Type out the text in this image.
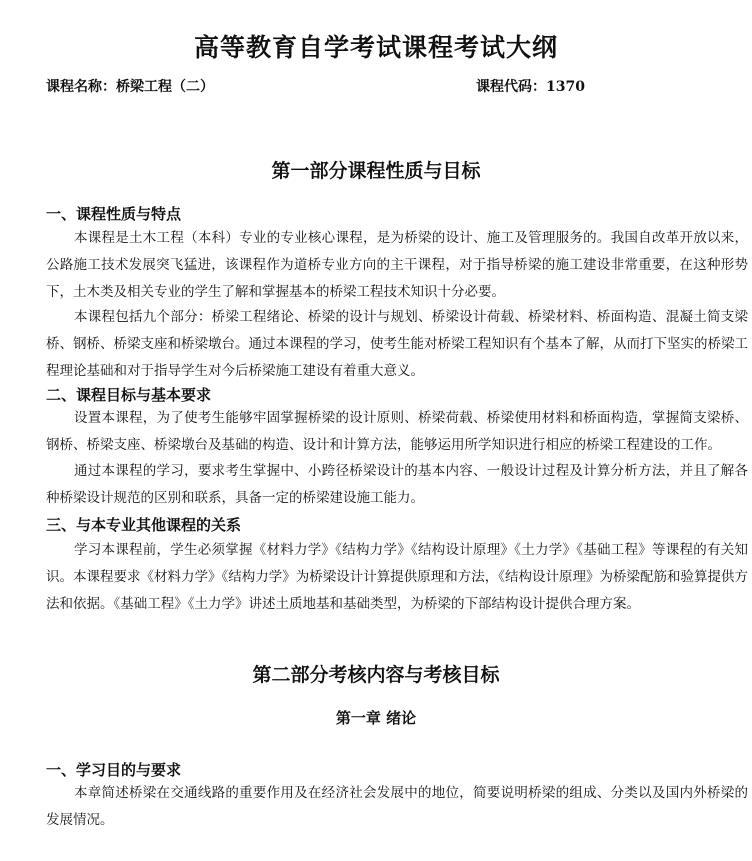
高等教育自学考试课程考试大纲
课程名称：桥梁工程（二）	课程代码：1370
第一部分课程性质与目标
一、课程性质与特点

本课程是土木工程（本科）专业的专业核心课程，是为桥梁的设计、施工及管理服务的。我国自改革开放以来，公路施工技术发展突飞猛进，该课程作为道桥专业方向的主干课程，对于指导桥梁的施工建设非常重要，在这种形势下，土木类及相关专业的学生了解和掌握基本的桥梁工程技术知识十分必要。

本课程包括九个部分：桥梁工程绪论、桥梁的设计与规划、桥梁设计荷载、桥梁材料、桥面构造、混凝土简支梁桥、钢桥、桥梁支座和桥梁墩台。通过本课程的学习，使考生能对桥梁工程知识有个基本了解，从而打下坚实的桥梁工程理论基础和对于指导学生对今后桥梁施工建设有着重大意义。

二、课程目标与基本要求

设置本课程，为了使考生能够牢固掌握桥梁的设计原则、桥梁荷载、桥梁使用材料和桥面构造，掌握简支梁桥、钢桥、桥梁支座、桥梁墩台及基础的构造、设计和计算方法，能够运用所学知识进行相应的桥梁工程建设的工作。

通过本课程的学习，要求考生掌握中、小跨径桥梁设计的基本内容、一般设计过程及计算分析方法，并且了解各种桥梁设计规范的区别和联系，具备一定的桥梁建设施工能力。

三、与本专业其他课程的关系

学习本课程前，学生必须掌握《材料力学》《结构力学》《结构设计原理》《土力学》《基础工程》等课程的有关知识。本课程要求《材料力学》《结构力学》为桥梁设计计算提供原理和方法，《结构设计原理》为桥梁配筋和验算提供方法和依据。《基础工程》《土力学》讲述土质地基和基础类型，为桥梁的下部结构设计提供合理方案。

第二部分考核内容与考核目标
第一章 绪论
一、学习目的与要求

本章简述桥梁在交通线路的重要作用及在经济社会发展中的地位，简要说明桥梁的组成、分类以及国内外桥梁的发展情况。
